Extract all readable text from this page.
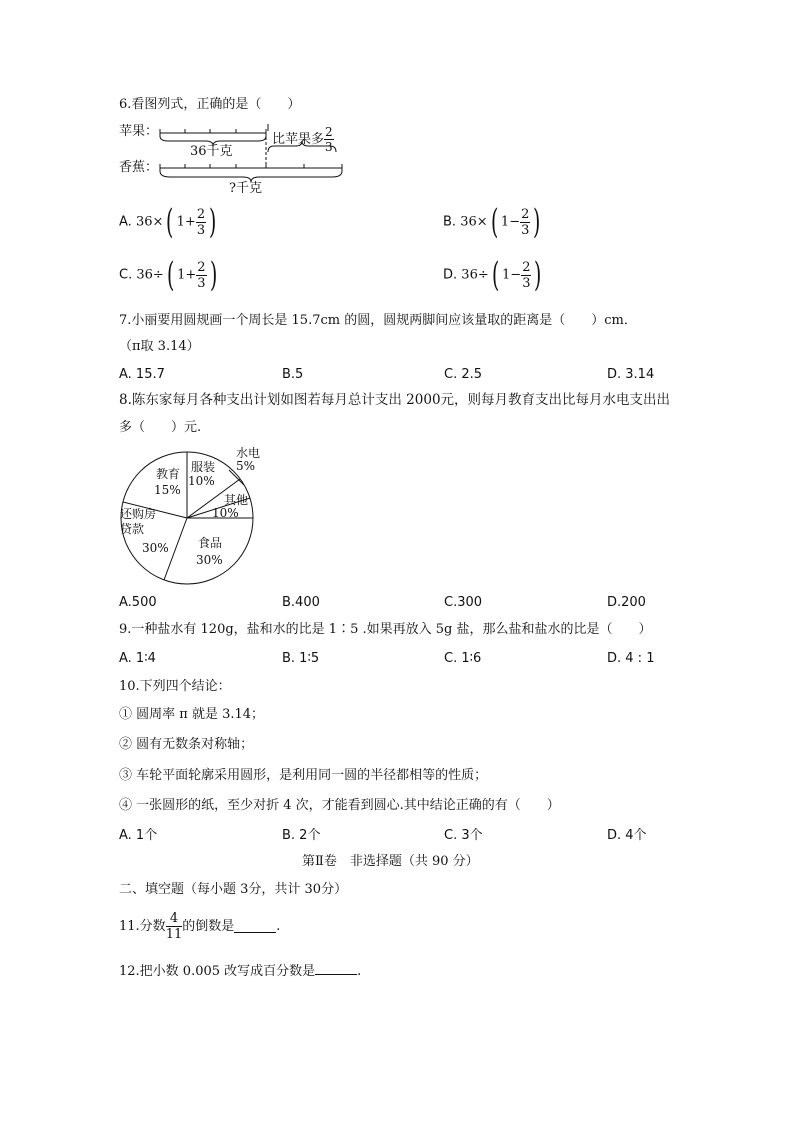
6.看图列式，正确的是（　　）
苹果：
香蕉：
36千克
比苹果多 $\frac{2}{3}$
?千克
A. 36×( $1+ \frac{2}{3}$ )	B. 36×( $1- \frac{2}{3}$ )
C. 36÷( $1+ \frac{2}{3}$ )	D. 36÷( $1- \frac{2}{3}$ )
7.小丽要用圆规画一个周长是 15.7cm 的圆，圆规两脚间应该量取的距离是（　　）cm．
（π取 3.14）
A. 15.7	B.5	C. 2.5	D. 3.14
8.陈东家每月各种支出计划如图若每月总计支出 2000元，则每月教育支出比每月水电支出出
多（　　）元.
服装
10%
水电
5%
其他
10%
食品
30%
还购房
贷款
30%
教育
15%
A.500	B.400	C.300	D.200
9.一种盐水有 120g，盐和水的比是 1∶5 .如果再放入 5g 盐，那么盐和盐水的比是（　　）
A. 1∶4	B. 1∶5	C. 1∶6	D. 4 : 1
10.下列四个结论：
① 圆周率 π 就是 3.14；
② 圆有无数条对称轴；
③ 车轮平面轮廓采用圆形，是利用同一圆的半径都相等的性质；
④ 一张圆形的纸，至少对折 4 次，才能看到圆心.其中结论正确的有（　　）
A. 1个	B. 2个	C. 3个	D. 4个
第Ⅱ卷　非选择题（共 90 分）
二、填空题（每小题 3分，共计 30分）
11.分数 $\frac{4}{11}$ 的倒数是	.
12.把小数 0.005 改写成百分数是	.
